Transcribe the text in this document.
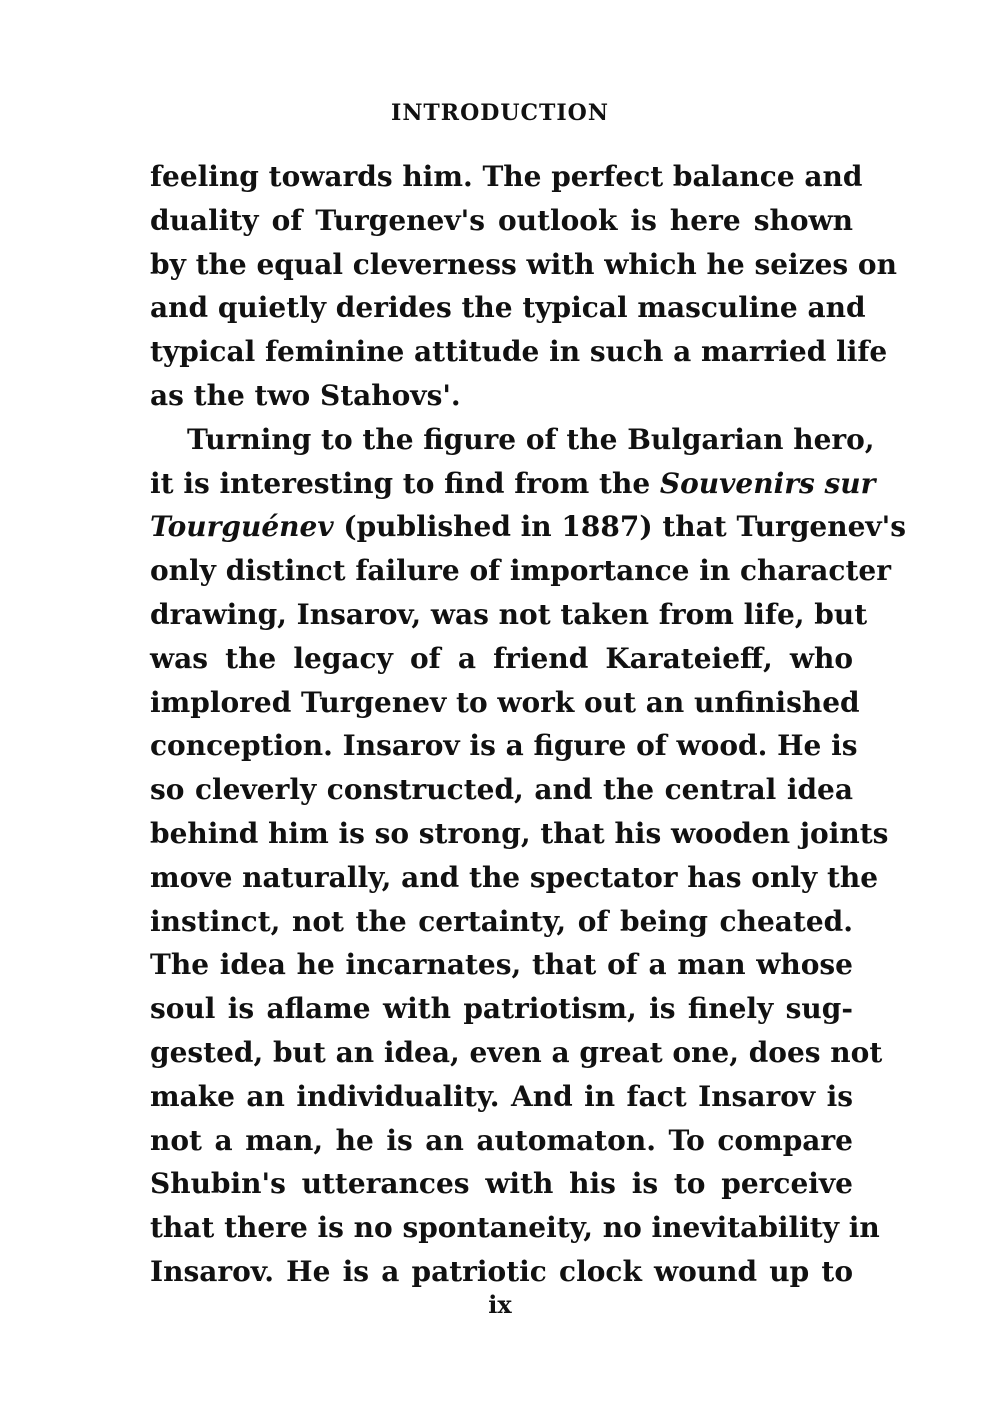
INTRODUCTION
feeling towards him. The perfect balance and
duality of Turgenev's outlook is here shown
by the equal cleverness with which he seizes on
and quietly derides the typical masculine and
typical feminine attitude in such a married life
as the two Stahovs'.
Turning to the figure of the Bulgarian hero,
it is interesting to find from the Souvenirs sur
Tourguénev (published in 1887) that Turgenev's
only distinct failure of importance in character
drawing, Insarov, was not taken from life, but
was the legacy of a friend Karateieff, who
implored Turgenev to work out an unfinished
conception. Insarov is a figure of wood. He is
so cleverly constructed, and the central idea
behind him is so strong, that his wooden joints
move naturally, and the spectator has only the
instinct, not the certainty, of being cheated.
The idea he incarnates, that of a man whose
soul is aflame with patriotism, is finely sug-
gested, but an idea, even a great one, does not
make an individuality. And in fact Insarov is
not a man, he is an automaton. To compare
Shubin's utterances with his is to perceive
that there is no spontaneity, no inevitability in
Insarov. He is a patriotic clock wound up to
ix
